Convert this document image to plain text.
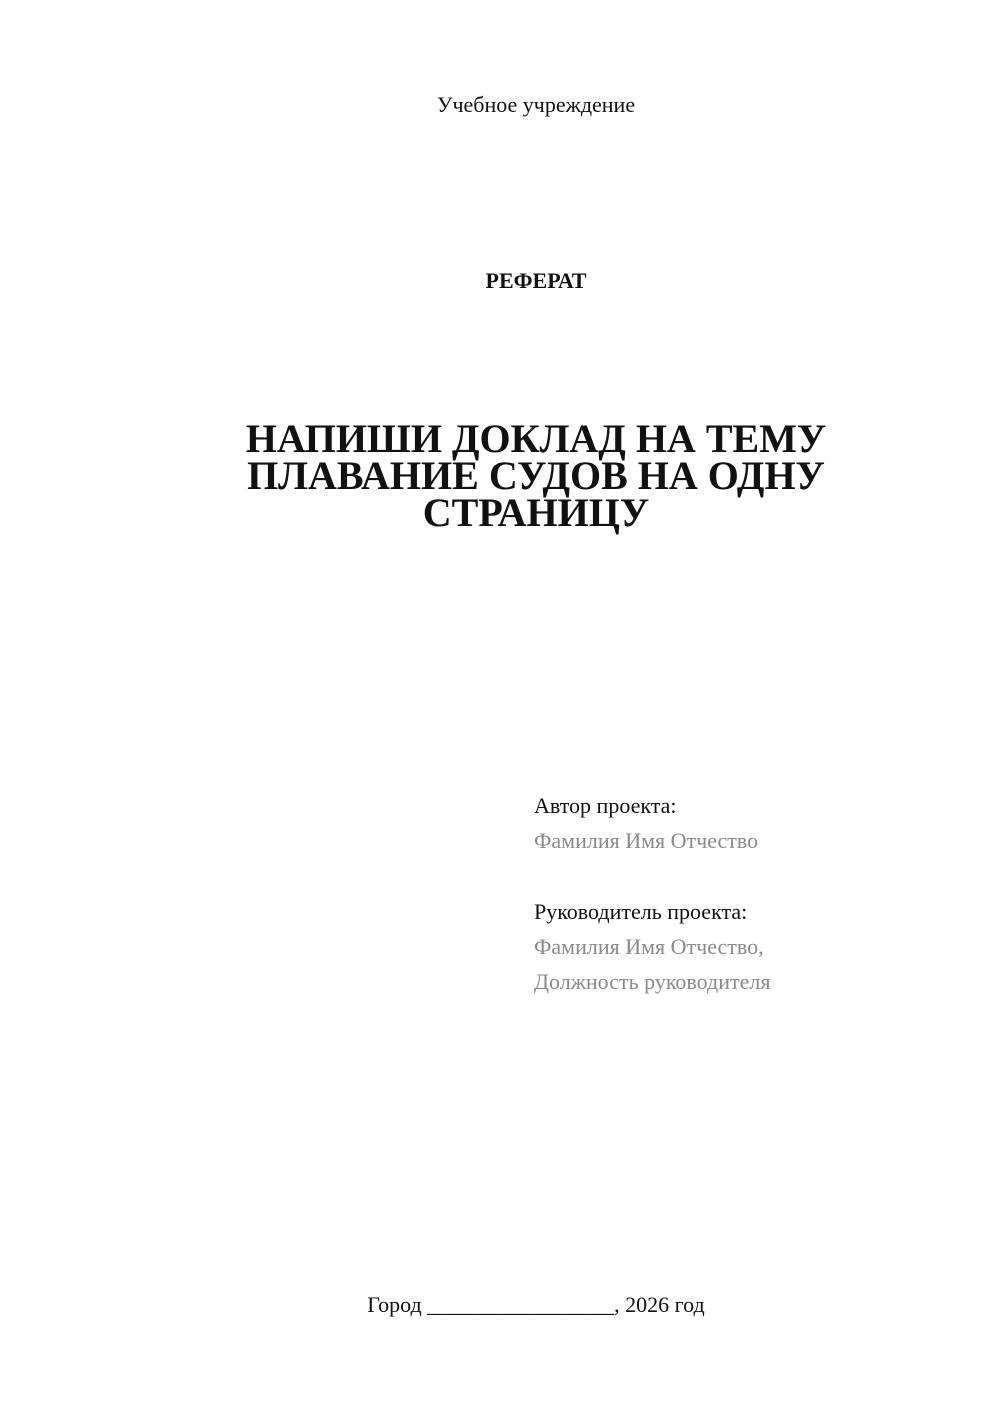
Учебное учреждение
РЕФЕРАТ
НАПИШИ ДОКЛАД НА ТЕМУ
ПЛАВАНИЕ СУДОВ НА ОДНУ
СТРАНИЦУ
Автор проекта:
Фамилия Имя Отчество
Руководитель проекта:
Фамилия Имя Отчество,
Должность руководителя
Город _________________, 2026 год
